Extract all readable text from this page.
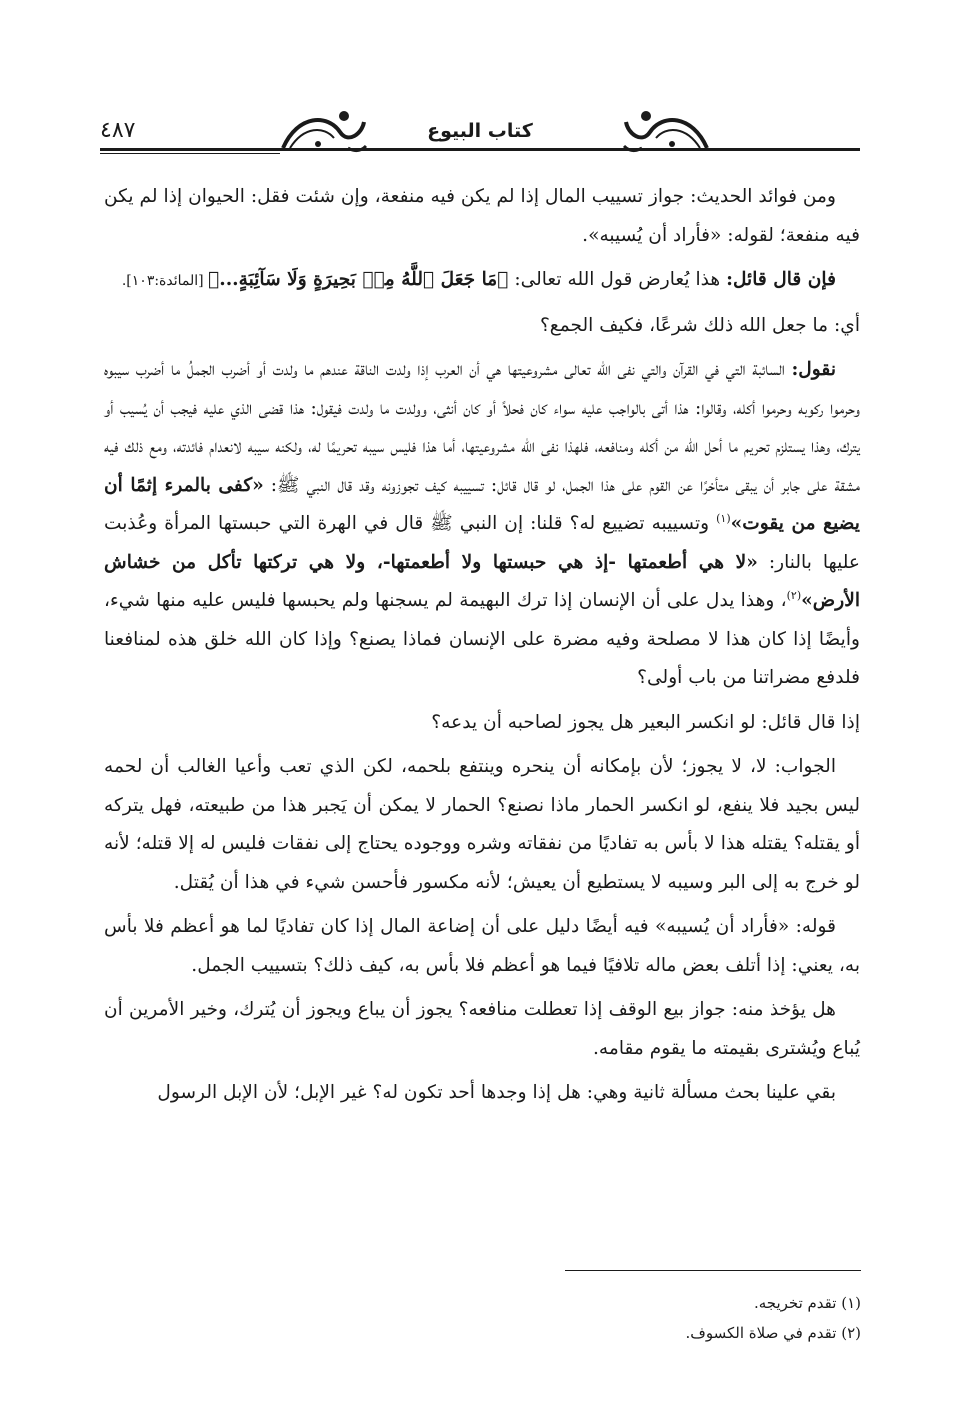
٤٨٧	كتاب البيوع

ومن فوائد الحديث: جواز تسييب المال إذا لم يكن فيه منفعة، وإن شئت فقل: الحيوان إذا لم يكن فيه منفعة؛ لقوله: «فأراد أن يُسيبه».

فإن قال قائل: هذا يُعارض قول الله تعالى: ﴿مَا جَعَلَ ٱللَّهُ مِنۢ بَحِيرَةٍ وَلَا سَآئِبَةٍ...﴾ [المائدة:١٠٣].

أي: ما جعل الله ذلك شرعًا، فكيف الجمع؟

نقول: السائبة التي في القرآن والتي نفى الله تعالى مشروعيتها هي أن العرب إذا ولدت الناقة عندهم ما ولدت أو أضرب الجملُ ما أضرب سيبوه وحرموا ركوبه وحرموا أكله، وقالوا: هذا أتى بالواجب عليه سواء كان فحلاً أو كان أنثى، وولدت ما ولدت فيقول: هذا قضى الذي عليه فيجب أن يُسيب أو يترك، وهذا يستلزم تحريم ما أحل الله من أكله ومنافعه، فلهذا نفى الله مشروعيتها، أما هذا فليس سيبه تحريمًا له، ولكنه سيبه لانعدام فائدته، ومع ذلك فيه مشقة على جابر أن يبقى متأخرًا عن القوم على هذا الجمل، لو قال قائل: تسييبه كيف تجوزونه وقد قال النبي ﷺ: «كفى بالمرء إثمًا أن يضيع من يقوت»$^{(١)}$ وتسييبه تضييع له؟ قلنا: إن النبي ﷺ قال في الهرة التي حبستها المرأة وعُذبت عليها بالنار: «لا هي أطعمتها -إذ هي حبستها ولا أطعمتها-، ولا هي تركتها تأكل من خشاش الأرض»$^{(٢)}$، وهذا يدل على أن الإنسان إذا ترك البهيمة لم يسجنها ولم يحبسها فليس عليه منها شيء، وأيضًا إذا كان هذا لا مصلحة وفيه مضرة على الإنسان فماذا يصنع؟ وإذا كان الله خلق هذه لمنافعنا فلدفع مضراتنا من باب أولى؟

إذا قال قائل: لو انكسر البعير هل يجوز لصاحبه أن يدعه؟

الجواب: لا، لا يجوز؛ لأن بإمكانه أن ينحره وينتفع بلحمه، لكن الذي تعب وأعيا الغالب أن لحمه ليس بجيد فلا ينفع، لو انكسر الحمار ماذا نصنع؟ الحمار لا يمكن أن يَجبر هذا من طبيعته، فهل يتركه أو يقتله؟ يقتله هذا لا بأس به تفاديًا من نفقاته وشره ووجوده يحتاج إلى نفقات فليس له إلا قتله؛ لأنه لو خرج به إلى البر وسيبه لا يستطيع أن يعيش؛ لأنه مكسور فأحسن شيء في هذا أن يُقتل.

قوله: «فأراد أن يُسيبه» فيه أيضًا دليل على أن إضاعة المال إذا كان تفاديًا لما هو أعظم فلا بأس به، يعني: إذا أتلف بعض ماله تلافيًا فيما هو أعظم فلا بأس به، كيف ذلك؟ بتسييب الجمل.

هل يؤخذ منه: جواز بيع الوقف إذا تعطلت منافعه؟ يجوز أن يباع ويجوز أن يُترك، وخير الأمرين أن يُباع ويُشترى بقيمته ما يقوم مقامه.

بقي علينا بحث مسألة ثانية وهي: هل إذا وجدها أحد تكون له؟ غير الإبل؛ لأن الإبل الرسول

(١) تقدم تخريجه.
(٢) تقدم في صلاة الكسوف.
